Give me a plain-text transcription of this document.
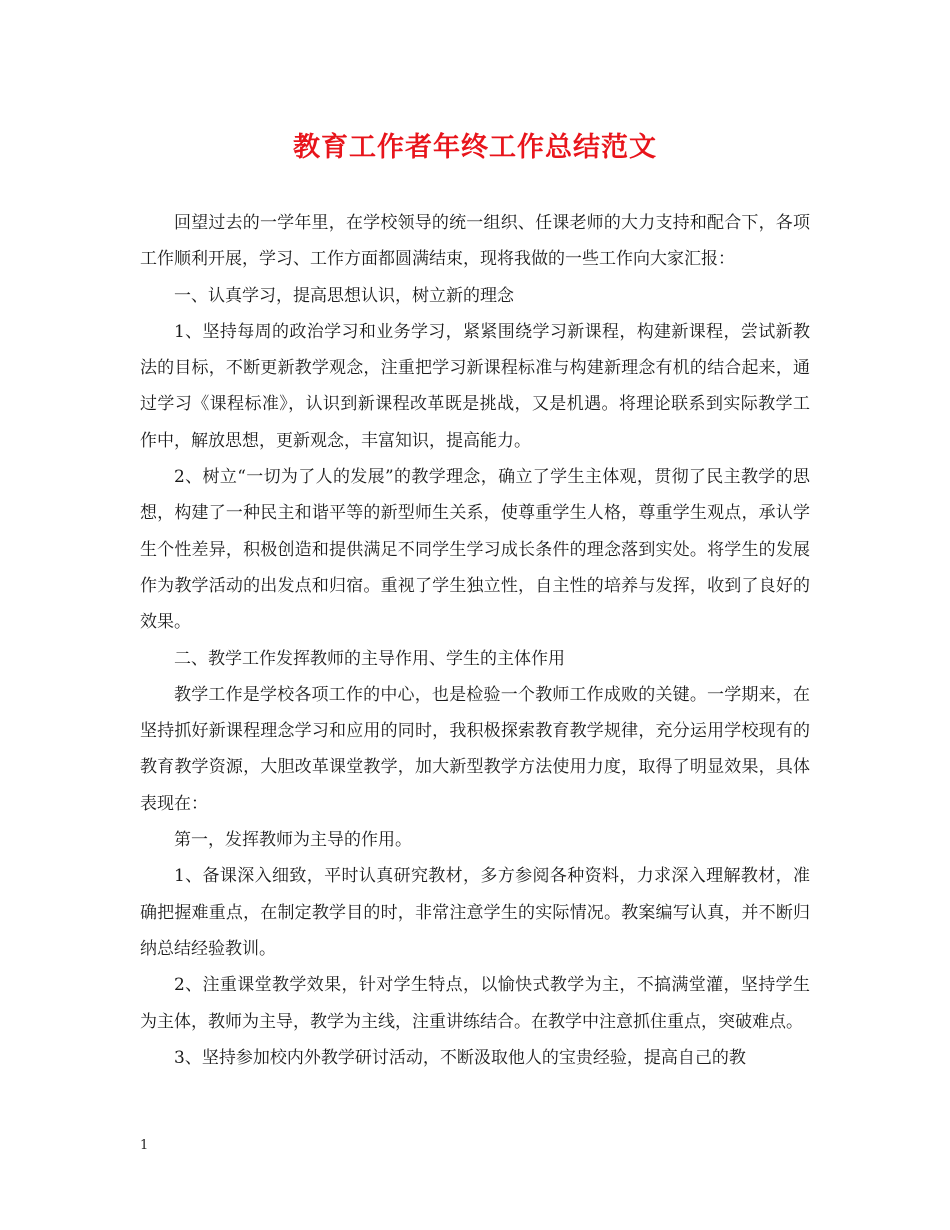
教育工作者年终工作总结范文

回望过去的一学年里，在学校领导的统一组织、任课老师的大力支持和配合下，各项工作顺利开展，学习、工作方面都圆满结束，现将我做的一些工作向大家汇报：

一、认真学习，提高思想认识，树立新的理念

1、坚持每周的政治学习和业务学习，紧紧围绕学习新课程，构建新课程，尝试新教法的目标，不断更新教学观念，注重把学习新课程标准与构建新理念有机的结合起来，通过学习《课程标准》，认识到新课程改革既是挑战，又是机遇。将理论联系到实际教学工作中，解放思想，更新观念，丰富知识，提高能力。

2、树立“一切为了人的发展”的教学理念，确立了学生主体观，贯彻了民主教学的思想，构建了一种民主和谐平等的新型师生关系，使尊重学生人格，尊重学生观点，承认学生个性差异，积极创造和提供满足不同学生学习成长条件的理念落到实处。将学生的发展作为教学活动的出发点和归宿。重视了学生独立性，自主性的培养与发挥，收到了良好的效果。

二、教学工作发挥教师的主导作用、学生的主体作用

教学工作是学校各项工作的中心，也是检验一个教师工作成败的关键。一学期来，在坚持抓好新课程理念学习和应用的同时，我积极探索教育教学规律，充分运用学校现有的教育教学资源，大胆改革课堂教学，加大新型教学方法使用力度，取得了明显效果，具体表现在：

第一，发挥教师为主导的作用。

1、备课深入细致，平时认真研究教材，多方参阅各种资料，力求深入理解教材，准确把握难重点，在制定教学目的时，非常注意学生的实际情况。教案编写认真，并不断归纳总结经验教训。

2、注重课堂教学效果，针对学生特点，以愉快式教学为主，不搞满堂灌，坚持学生为主体，教师为主导，教学为主线，注重讲练结合。在教学中注意抓住重点，突破难点。

3、坚持参加校内外教学研讨活动，不断汲取他人的宝贵经验，提高自己的教

1
